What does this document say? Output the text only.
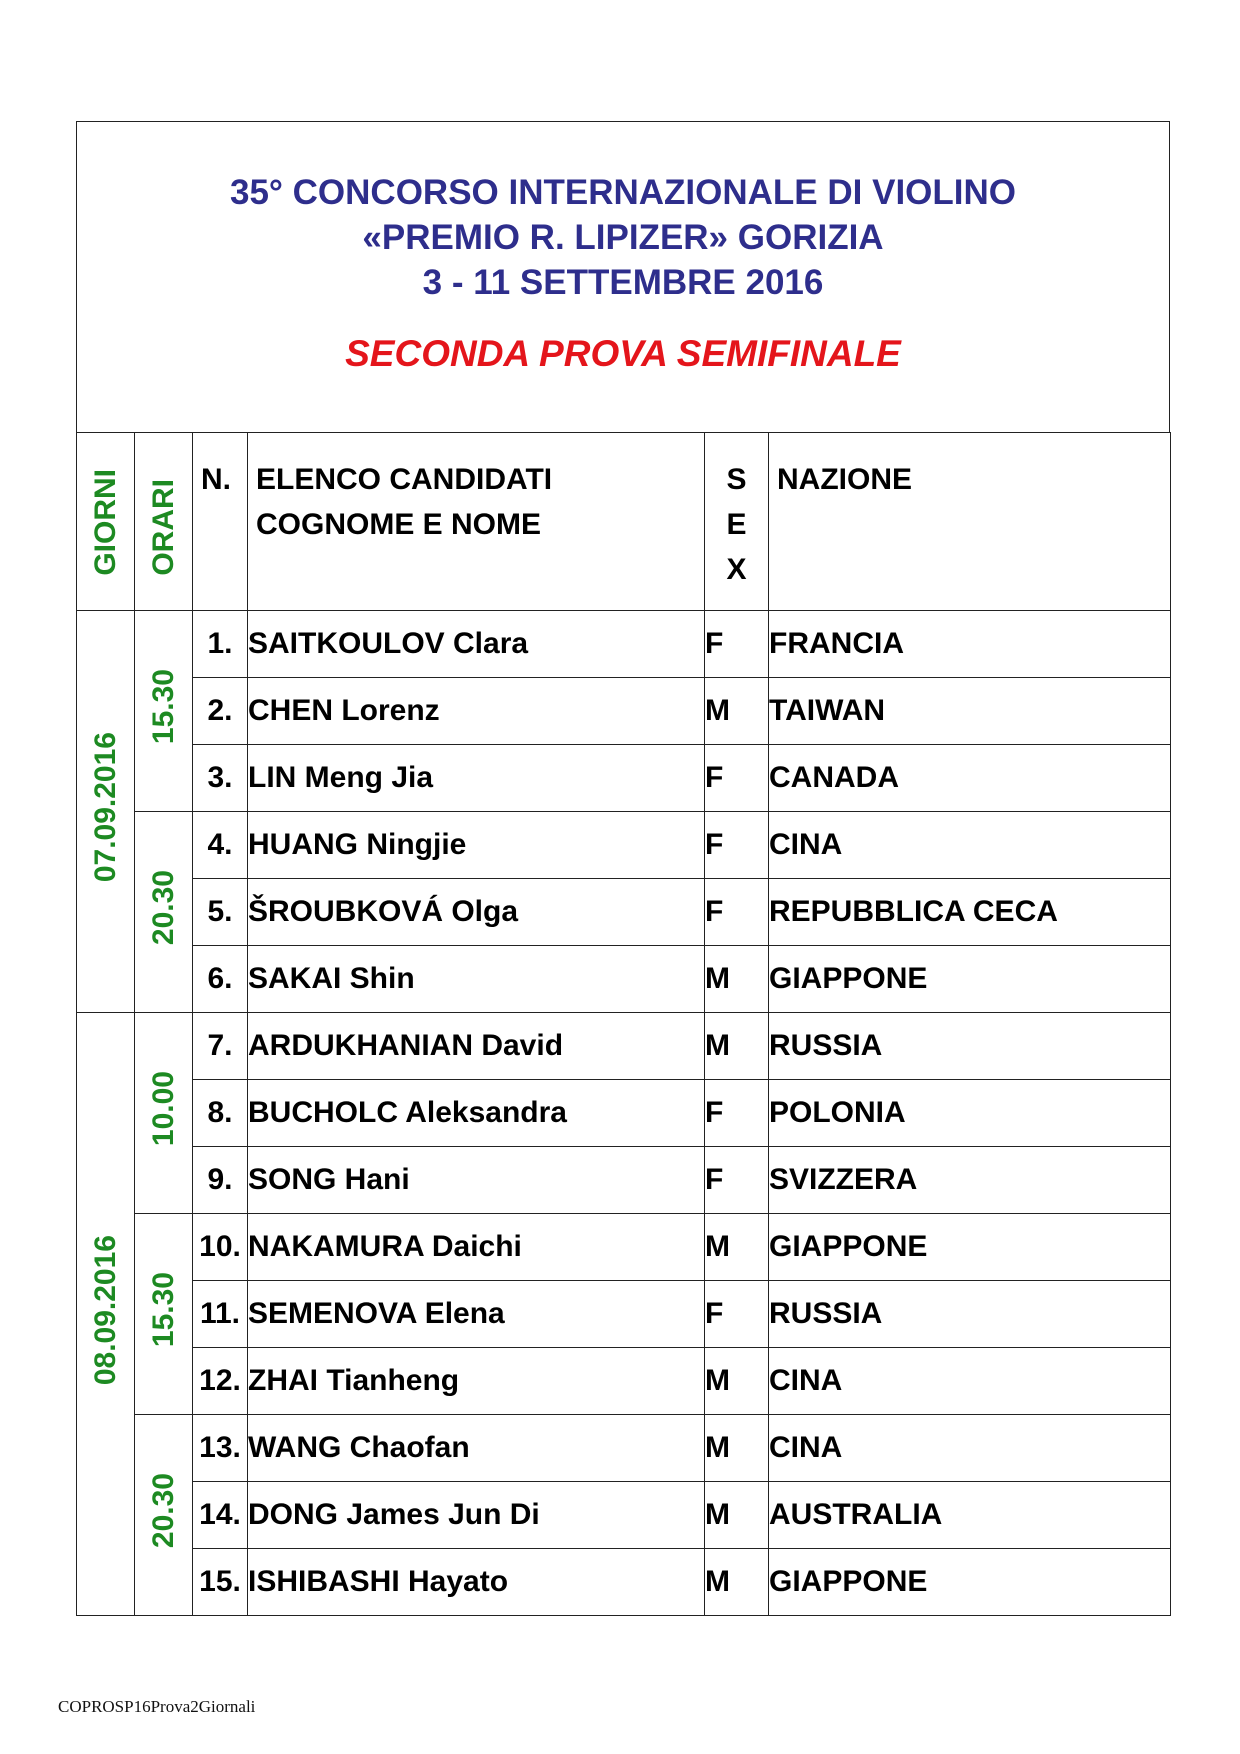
35° CONCORSO INTERNAZIONALE DI VIOLINO
«PREMIO R. LIPIZER» GORIZIA
3 - 11 SETTEMBRE 2016
SECONDA PROVA SEMIFINALE
GIORNI	ORARI	N.	ELENCO CANDIDATI
COGNOME E NOME	S
E
X	NAZIONE

07.09.2016	15.30	1.	SAITKOULOV Clara	F	FRANCIA
		2.	CHEN Lorenz	M	TAIWAN
		3.	LIN Meng Jia	F	CANADA
	20.30	4.	HUANG Ningjie	F	CINA
		5.	ŠROUBKOVÁ Olga	F	REPUBBLICA CECA
		6.	SAKAI Shin	M	GIAPPONE
08.09.2016	10.00	7.	ARDUKHANIAN David	M	RUSSIA
		8.	BUCHOLC Aleksandra	F	POLONIA
		9.	SONG Hani	F	SVIZZERA
	15.30	10.	NAKAMURA Daichi	M	GIAPPONE
		11.	SEMENOVA Elena	F	RUSSIA
		12.	ZHAI Tianheng	M	CINA
	20.30	13.	WANG Chaofan	M	CINA
		14.	DONG James Jun Di	M	AUSTRALIA
		15.	ISHIBASHI Hayato	M	GIAPPONE
COPROSP16Prova2Giornali
